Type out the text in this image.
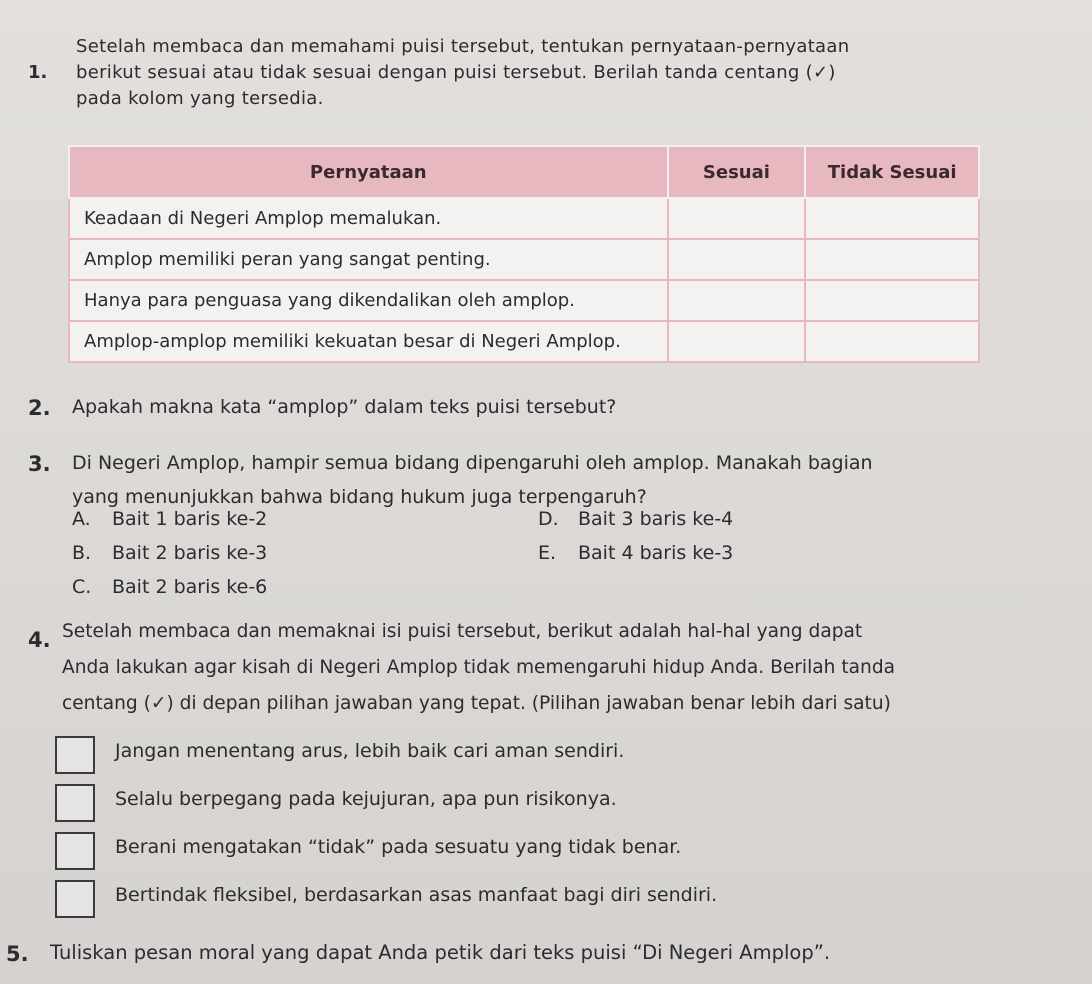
1.
Setelah membaca dan memahami puisi tersebut, tentukan pernyataan-pernyataan
berikut sesuai atau tidak sesuai dengan puisi tersebut. Berilah tanda centang (✓)
pada kolom yang tersedia.
Pernyataan	Sesuai	Tidak Sesuai
Keadaan di Negeri Amplop memalukan.		
Amplop memiliki peran yang sangat penting.		
Hanya para penguasa yang dikendalikan oleh amplop.		
Amplop-amplop memiliki kekuatan besar di Negeri Amplop.		
2. Apakah makna kata “amplop” dalam teks puisi tersebut?
3. Di Negeri Amplop, hampir semua bidang dipengaruhi oleh amplop. Manakah bagian
yang menunjukkan bahwa bidang hukum juga terpengaruh?
A. Bait 1 baris ke-2
B. Bait 2 baris ke-3
C. Bait 2 baris ke-6
D. Bait 3 baris ke-4
E. Bait 4 baris ke-3
4. Setelah membaca dan memaknai isi puisi tersebut, berikut adalah hal-hal yang dapat
Anda lakukan agar kisah di Negeri Amplop tidak memengaruhi hidup Anda. Berilah tanda
centang (✓) di depan pilihan jawaban yang tepat. (Pilihan jawaban benar lebih dari satu)
Jangan menentang arus, lebih baik cari aman sendiri.
Selalu berpegang pada kejujuran, apa pun risikonya.
Berani mengatakan “tidak” pada sesuatu yang tidak benar.
Bertindak fleksibel, berdasarkan asas manfaat bagi diri sendiri.
5. Tuliskan pesan moral yang dapat Anda petik dari teks puisi “Di Negeri Amplop”.
